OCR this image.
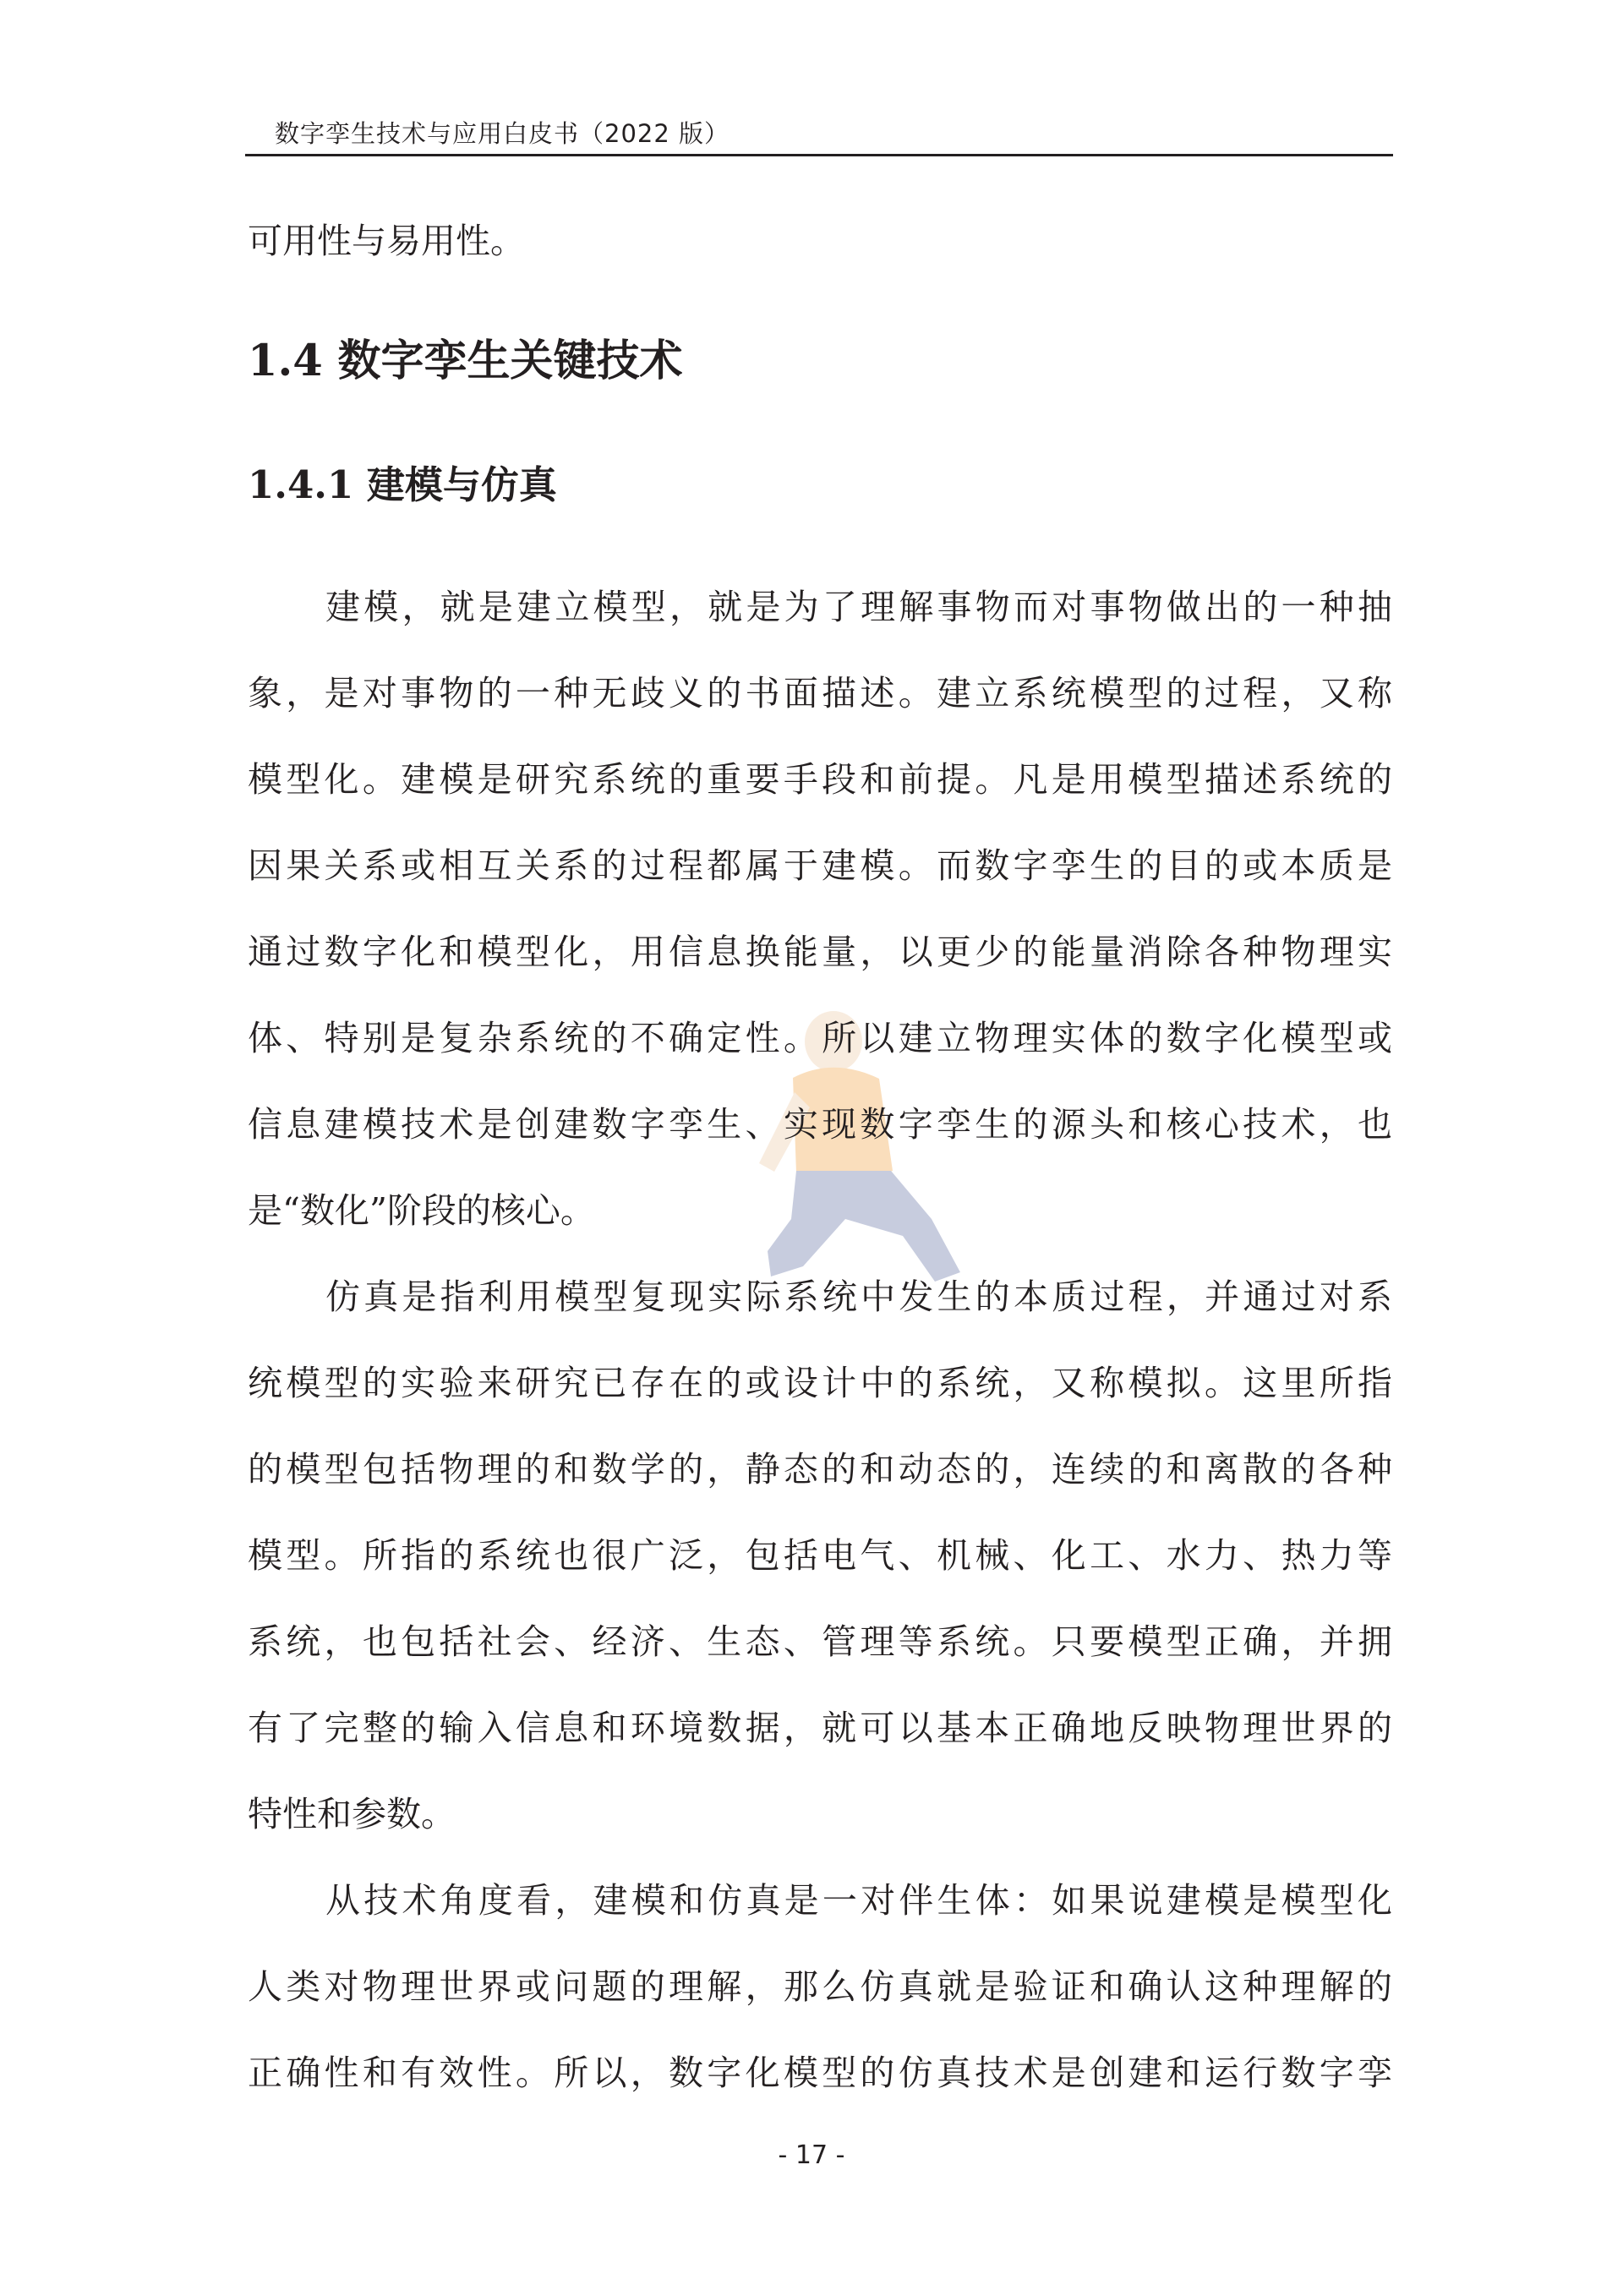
数字孪生技术与应用白皮书（2022 版）
可用性与易用性。
1.4 数字孪生关键技术
1.4.1 建模与仿真
建模，就是建立模型，就是为了理解事物而对事物做出的一种抽
象，是对事物的一种无歧义的书面描述。建立系统模型的过程，又称
模型化。建模是研究系统的重要手段和前提。凡是用模型描述系统的
因果关系或相互关系的过程都属于建模。而数字孪生的目的或本质是
通过数字化和模型化，用信息换能量，以更少的能量消除各种物理实
体、特别是复杂系统的不确定性。所以建立物理实体的数字化模型或
信息建模技术是创建数字孪生、实现数字孪生的源头和核心技术，也
是“数化”阶段的核心。
仿真是指利用模型复现实际系统中发生的本质过程，并通过对系
统模型的实验来研究已存在的或设计中的系统，又称模拟。这里所指
的模型包括物理的和数学的，静态的和动态的，连续的和离散的各种
模型。所指的系统也很广泛，包括电气、机械、化工、水力、热力等
系统，也包括社会、经济、生态、管理等系统。只要模型正确，并拥
有了完整的输入信息和环境数据，就可以基本正确地反映物理世界的
特性和参数。
从技术角度看，建模和仿真是一对伴生体：如果说建模是模型化
人类对物理世界或问题的理解，那么仿真就是验证和确认这种理解的
正确性和有效性。所以，数字化模型的仿真技术是创建和运行数字孪
- 17 -
